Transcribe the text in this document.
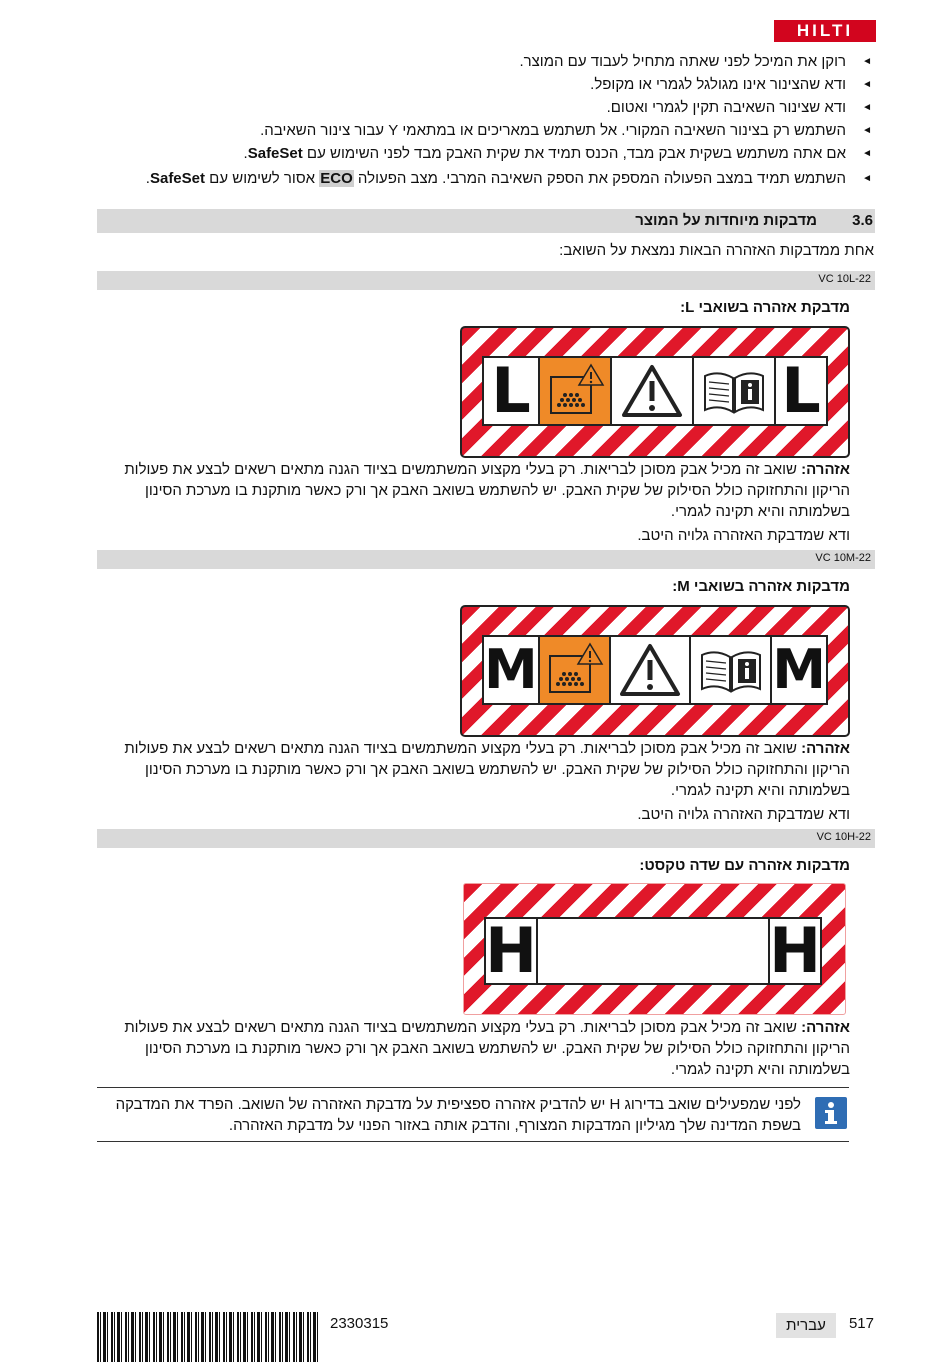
HILTI
◄
רוקן את המיכל לפני שאתה מתחיל לעבוד עם המוצר.
◄
ודא שהצינור אינו מגולגל לגמרי או מקופל.
◄
ודא שצינור השאיבה תקין לגמרי ואטום.
◄
השתמש רק בצינור השאיבה המקורי. אל תשתמש במאריכים או במתאמי Y עבור צינור השאיבה.
◄
אם אתה משתמש בשקית אבק מבד, הכנס תמיד את שקית האבק מבד לפני השימוש עם SafeSet.
◄
השתמש תמיד במצב הפעולה המספק את הספק השאיבה המרבי. מצב הפעולה ECO אסור לשימוש עם SafeSet.
3.6
מדבקות מיוחדות על המוצר
אחת ממדבקות האזהרה הבאות נמצאת על השואב:
VC 10L-22
מדבקת אזהרה בשואבי L:
L	L

אזהרה: שואב זה מכיל אבק מסוכן לבריאות. רק בעלי מקצוע המשתמשים בציוד הגנה מתאים רשאים לבצע את פעולות הריקון והתחזוקה כולל הסילוק של שקית האבק. יש להשתמש בשואב האבק אך ורק כאשר מותקנת בו מערכת הסינון בשלמותה והיא תקינה לגמרי.

ודא שמדבקת האזהרה גלויה היטב.

VC 10M-22
מדבקות אזהרה בשואבי M:
M	M

אזהרה: שואב זה מכיל אבק מסוכן לבריאות. רק בעלי מקצוע המשתמשים בציוד הגנה מתאים רשאים לבצע את פעולות הריקון והתחזוקה כולל הסילוק של שקית האבק. יש להשתמש בשואב האבק אך ורק כאשר מותקנת בו מערכת הסינון בשלמותה והיא תקינה לגמרי.

ודא שמדבקת האזהרה גלויה היטב.

VC 10H-22
מדבקות אזהרה עם שדה טקסט:
H	H

אזהרה: שואב זה מכיל אבק מסוכן לבריאות. רק בעלי מקצוע המשתמשים בציוד הגנה מתאים רשאים לבצע את פעולות הריקון והתחזוקה כולל הסילוק של שקית האבק. יש להשתמש בשואב האבק אך ורק כאשר מותקנת בו מערכת הסינון בשלמותה והיא תקינה לגמרי.

לפני שמפעילים שואב בדירוג H יש להדביק אזהרה ספציפית על מדבקת האזהרה של השואב. הפרד את המדבקה בשפת המדינה שלך מגיליון המדבקות המצורף, והדבק אותה באזור הפנוי על מדבקת האזהרה.
517
עברית
2330315
